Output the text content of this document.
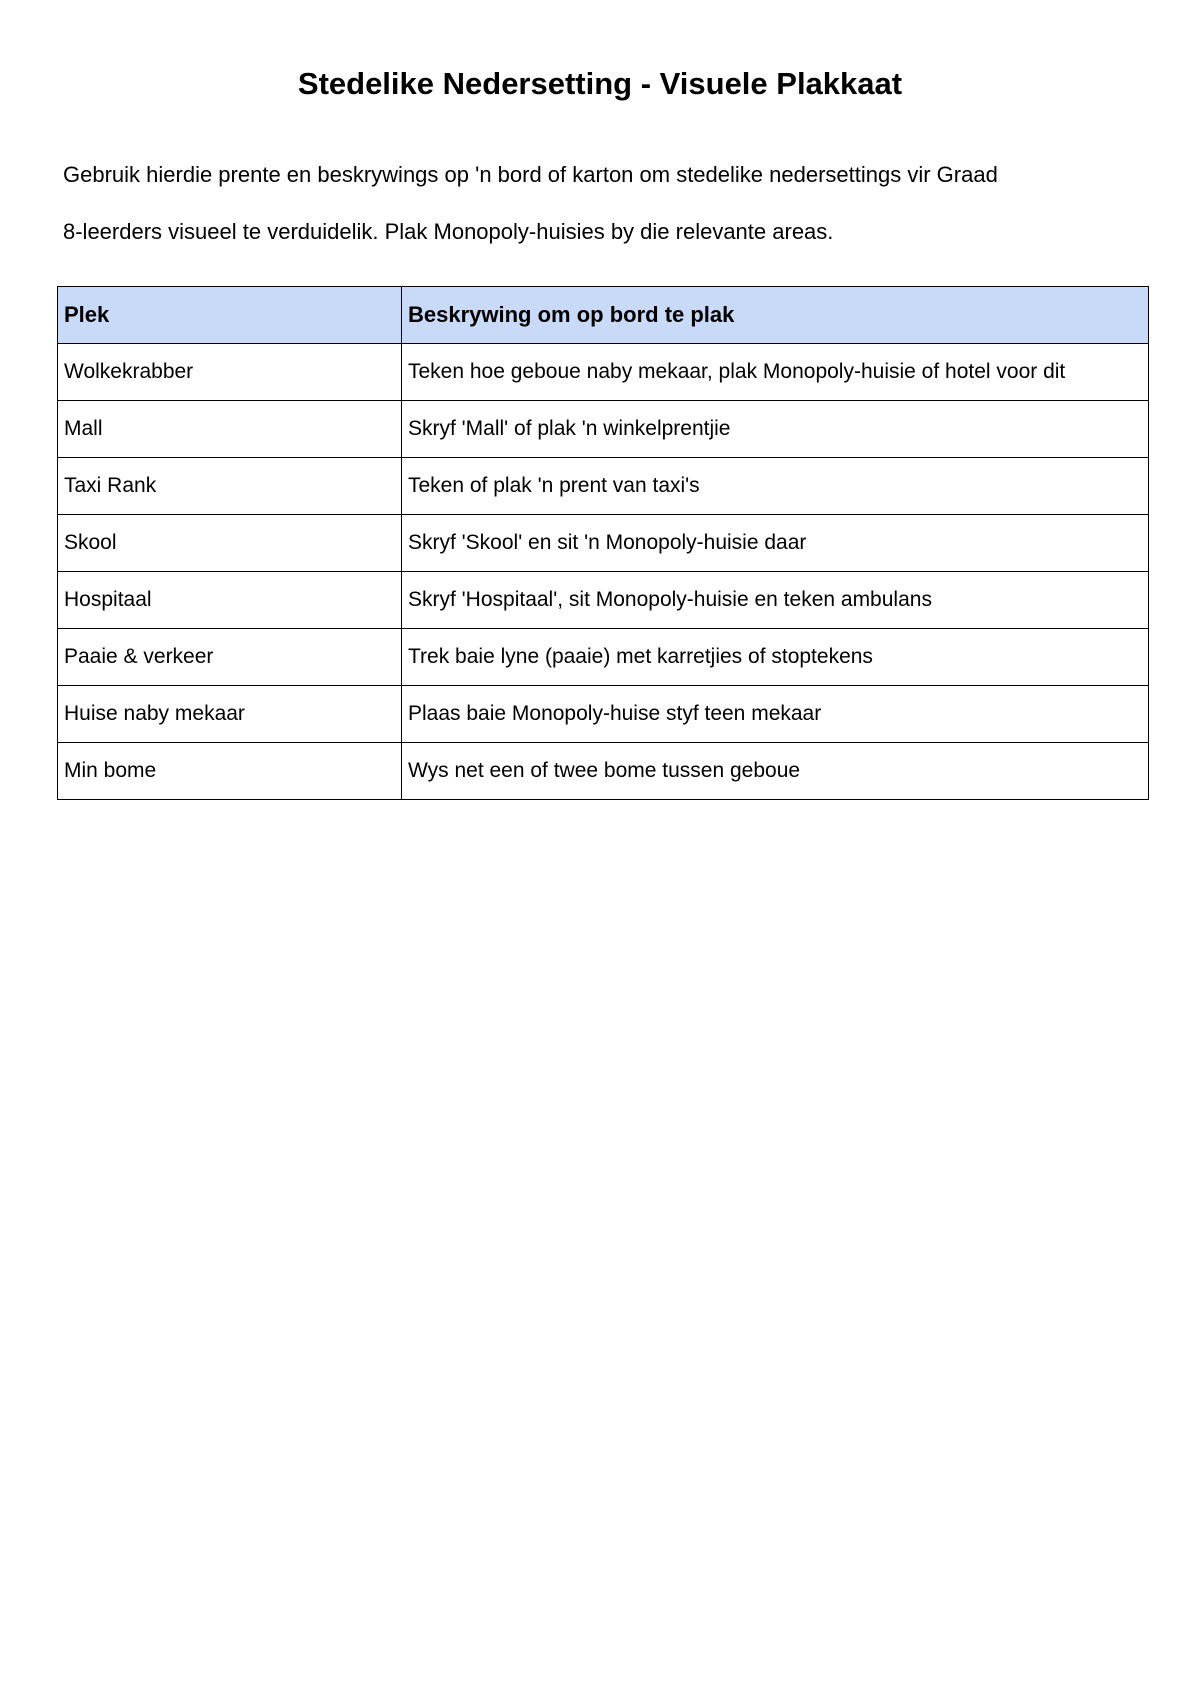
Stedelike Nedersetting - Visuele Plakkaat

Gebruik hierdie prente en beskrywings op 'n bord of karton om stedelike nedersettings vir Graad
8-leerders visueel te verduidelik. Plak Monopoly-huisies by die relevante areas.

Plek	Beskrywing om op bord te plak
Wolkekrabber	Teken hoe geboue naby mekaar, plak Monopoly-huisie of hotel voor dit
Mall	Skryf 'Mall' of plak 'n winkelprentjie
Taxi Rank	Teken of plak 'n prent van taxi's
Skool	Skryf 'Skool' en sit 'n Monopoly-huisie daar
Hospitaal	Skryf 'Hospitaal', sit Monopoly-huisie en teken ambulans
Paaie & verkeer	Trek baie lyne (paaie) met karretjies of stoptekens
Huise naby mekaar	Plaas baie Monopoly-huise styf teen mekaar
Min bome	Wys net een of twee bome tussen geboue
